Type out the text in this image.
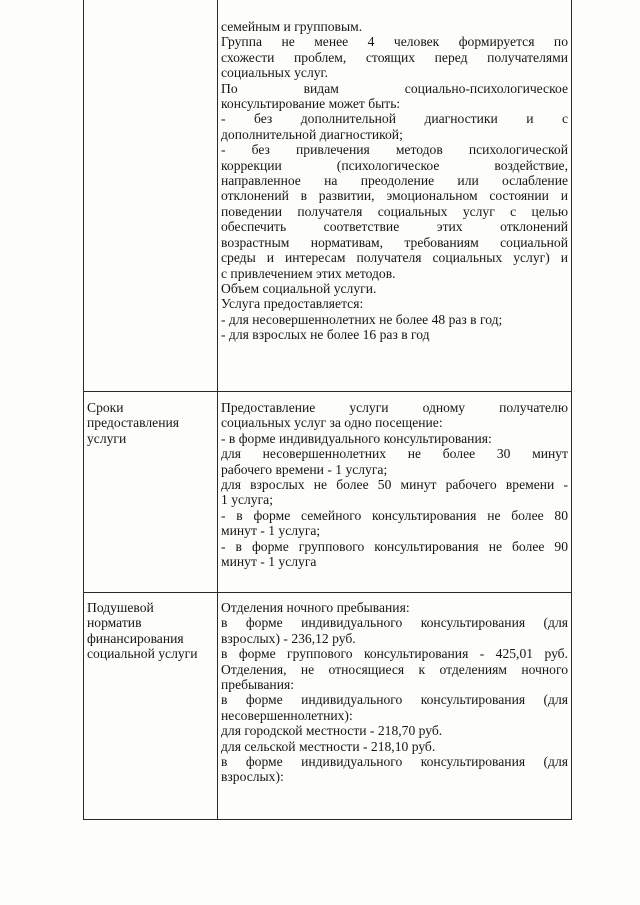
семейным и групповым.
Группа не менее 4 человек формируется по
схожести проблем, стоящих перед получателями
социальных услуг.
По видам социально-психологическое
консультирование может быть:
- без дополнительной диагностики и с
дополнительной диагностикой;
- без привлечения методов психологической
коррекции (психологическое воздействие,
направленное на преодоление или ослабление
отклонений в развитии, эмоциональном состоянии и
поведении получателя социальных услуг с целью
обеспечить соответствие этих отклонений
возрастным нормативам, требованиям социальной
среды и интересам получателя социальных услуг) и
с привлечением этих методов.
Объем социальной услуги.
Услуга предоставляется:
- для несовершеннолетних не более 48 раз в год;
- для взрослых не более 16 раз в год
Сроки
предоставления
услуги
Предоставление услуги одному получателю
социальных услуг за одно посещение:
- в форме индивидуального консультирования:
для несовершеннолетних не более 30 минут
рабочего времени - 1 услуга;
для взрослых не более 50 минут рабочего времени -
1 услуга;
- в форме семейного консультирования не более 80
минут - 1 услуга;
- в форме группового консультирования не более 90
минут - 1 услуга
Подушевой
норматив
финансирования
социальной услуги
Отделения ночного пребывания:
в форме индивидуального консультирования (для
взрослых) - 236,12 руб.
в форме группового консультирования - 425,01 руб.
Отделения, не относящиеся к отделениям ночного
пребывания:
в форме индивидуального консультирования (для
несовершеннолетних):
для городской местности - 218,70 руб.
для сельской местности - 218,10 руб.
в форме индивидуального консультирования (для
взрослых):
